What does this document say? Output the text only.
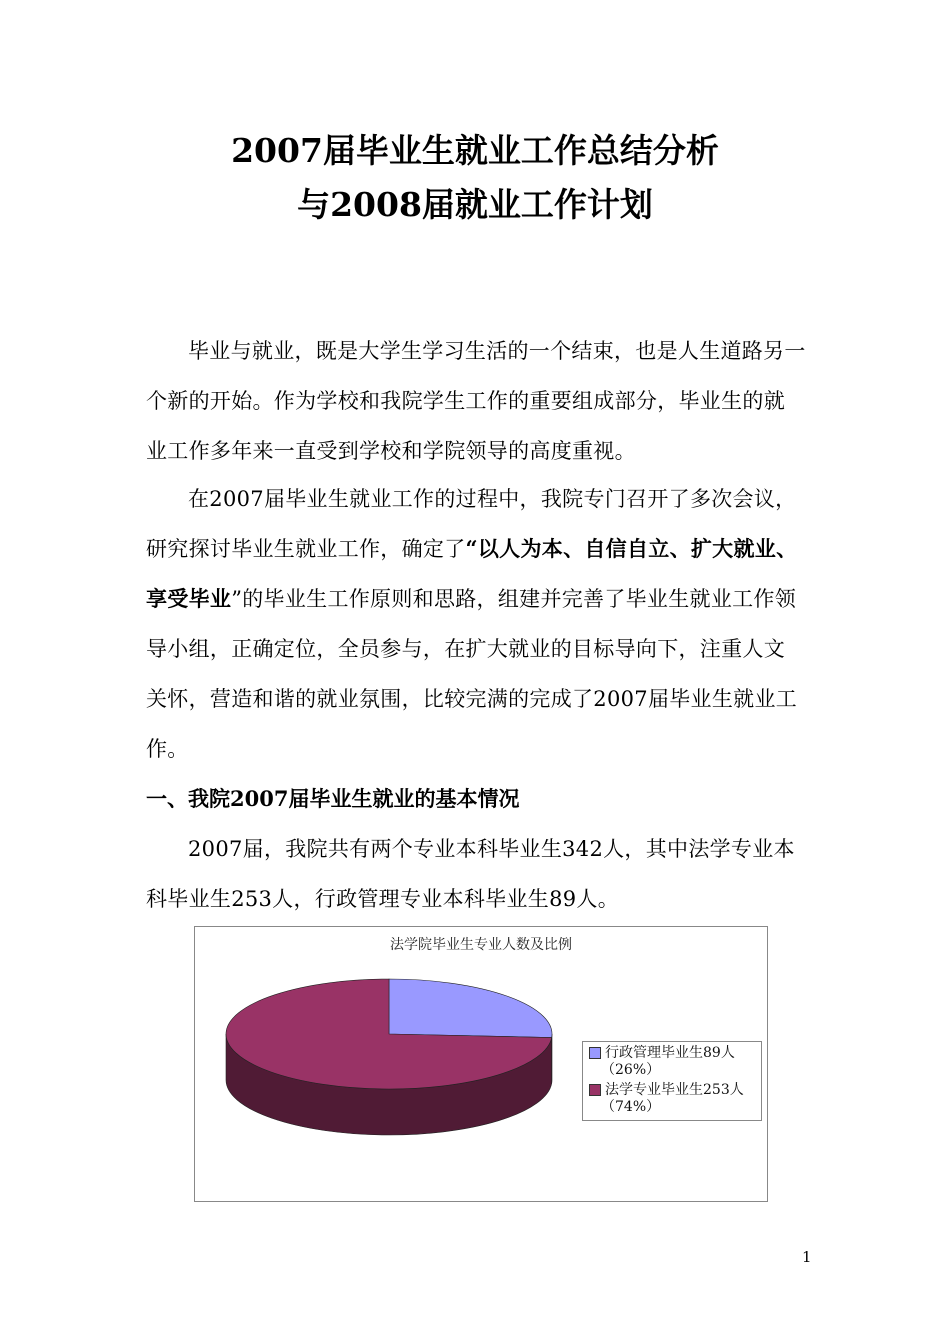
2007届毕业生就业工作总结分析
与2008届就业工作计划
毕业与就业，既是大学生学习生活的一个结束，也是人生道路另一个新的开始。作为学校和我院学生工作的重要组成部分，毕业生的就业工作多年来一直受到学校和学院领导的高度重视。
在2007届毕业生就业工作的过程中，我院专门召开了多次会议，研究探讨毕业生就业工作，确定了“以人为本、自信自立、扩大就业、享受毕业”的毕业生工作原则和思路，组建并完善了毕业生就业工作领导小组，正确定位，全员参与，在扩大就业的目标导向下，注重人文关怀，营造和谐的就业氛围，比较完满的完成了2007届毕业生就业工作。
一、我院2007届毕业生就业的基本情况
2007届，我院共有两个专业本科毕业生342人，其中法学专业本科毕业生253人，行政管理专业本科毕业生89人。
法学院毕业生专业人数及比例
行政管理毕业生89人
（26%）
法学专业毕业生253人
（74%）
1
